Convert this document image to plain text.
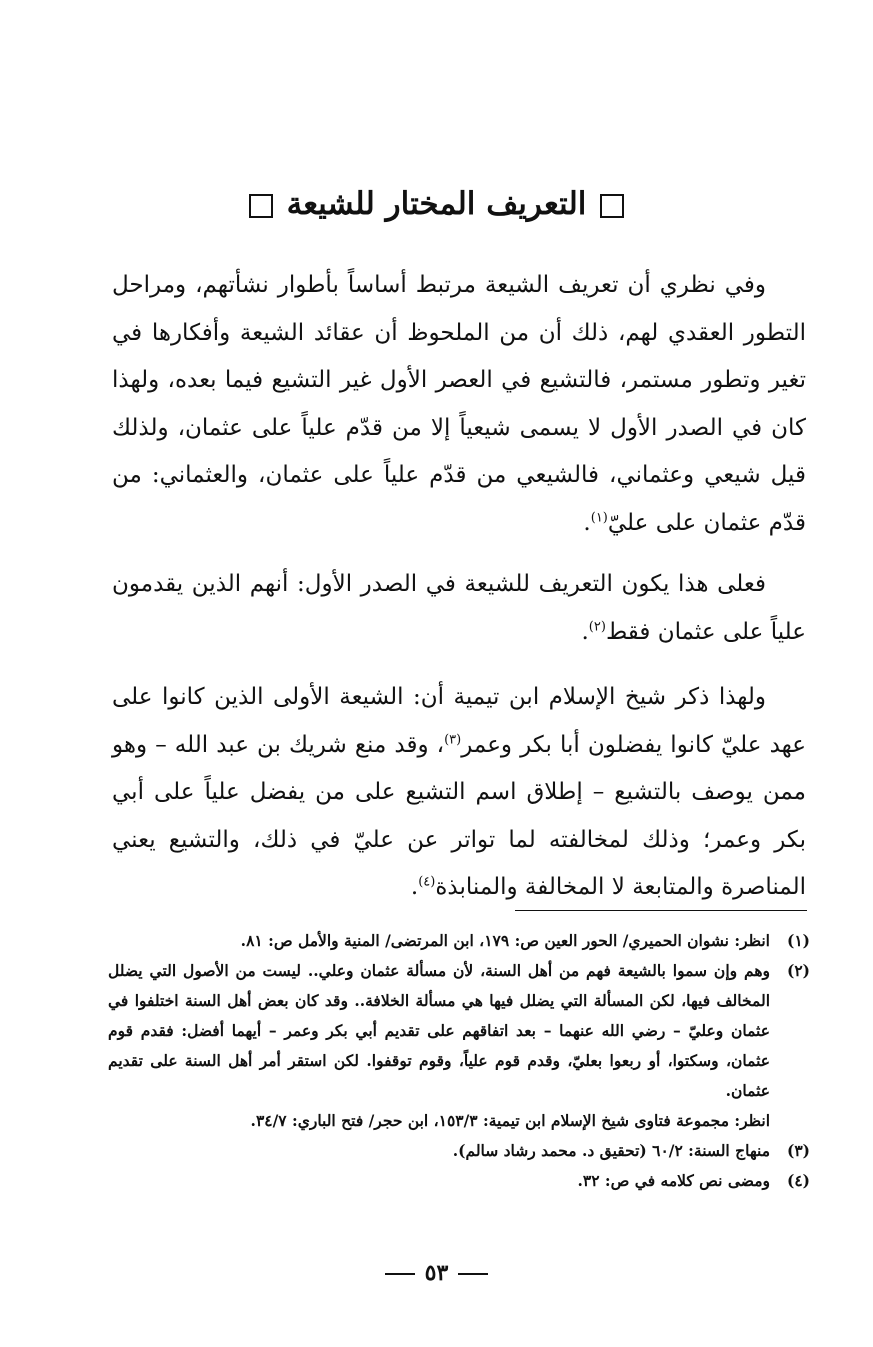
التعريف المختار للشيعة

وفي نظري أن تعريف الشيعة مرتبط أساساً بأطوار نشأتهم، ومراحل التطور العقدي لهم، ذلك أن من الملحوظ أن عقائد الشيعة وأفكارها في تغير وتطور مستمر، فالتشيع في العصر الأول غير التشيع فيما بعده، ولهذا كان في الصدر الأول لا يسمى شيعياً إلا من قدّم علياً على عثمان، ولذلك قيل شيعي وعثماني، فالشيعي من قدّم علياً على عثمان، والعثماني: من قدّم عثمان على عليّ$^{(١)}$.

فعلى هذا يكون التعريف للشيعة في الصدر الأول: أنهم الذين يقدمون علياً على عثمان فقط$^{(٢)}$.

ولهذا ذكر شيخ الإسلام ابن تيمية أن: الشيعة الأولى الذين كانوا على عهد عليّ كانوا يفضلون أبا بكر وعمر$^{(٣)}$، وقد منع شريك بن عبد الله – وهو ممن يوصف بالتشيع – إطلاق اسم التشيع على من يفضل علياً على أبي بكر وعمر؛ وذلك لمخالفته لما تواتر عن عليّ في ذلك، والتشيع يعني المناصرة والمتابعة لا المخالفة والمنابذة$^{(٤)}$.

(١)
انظر: نشوان الحميري/ الحور العين ص: ١٧٩، ابن المرتضى/ المنية والأمل ص: ٨١.
(٢)
وهم وإن سموا بالشيعة فهم من أهل السنة، لأن مسألة عثمان وعلي.. ليست من الأصول التي يضلل المخالف فيها، لكن المسألة التي يضلل فيها هي مسألة الخلافة.. وقد كان بعض أهل السنة اختلفوا في عثمان وعليّ – رضي الله عنهما – بعد اتفاقهم على تقديم أبي بكر وعمر – أيهما أفضل: فقدم قوم عثمان، وسكتوا، أو ربعوا بعليّ، وقدم قوم علياً، وقوم توقفوا. لكن استقر أمر أهل السنة على تقديم عثمان.
انظر: مجموعة فتاوى شيخ الإسلام ابن تيمية: ١٥٣/٣، ابن حجر/ فتح الباري: ٣٤/٧.
(٣)
منهاج السنة: ٦٠/٢ (تحقيق د. محمد رشاد سالم).
(٤)
ومضى نص كلامه في ص: ٣٢.
٥٣
